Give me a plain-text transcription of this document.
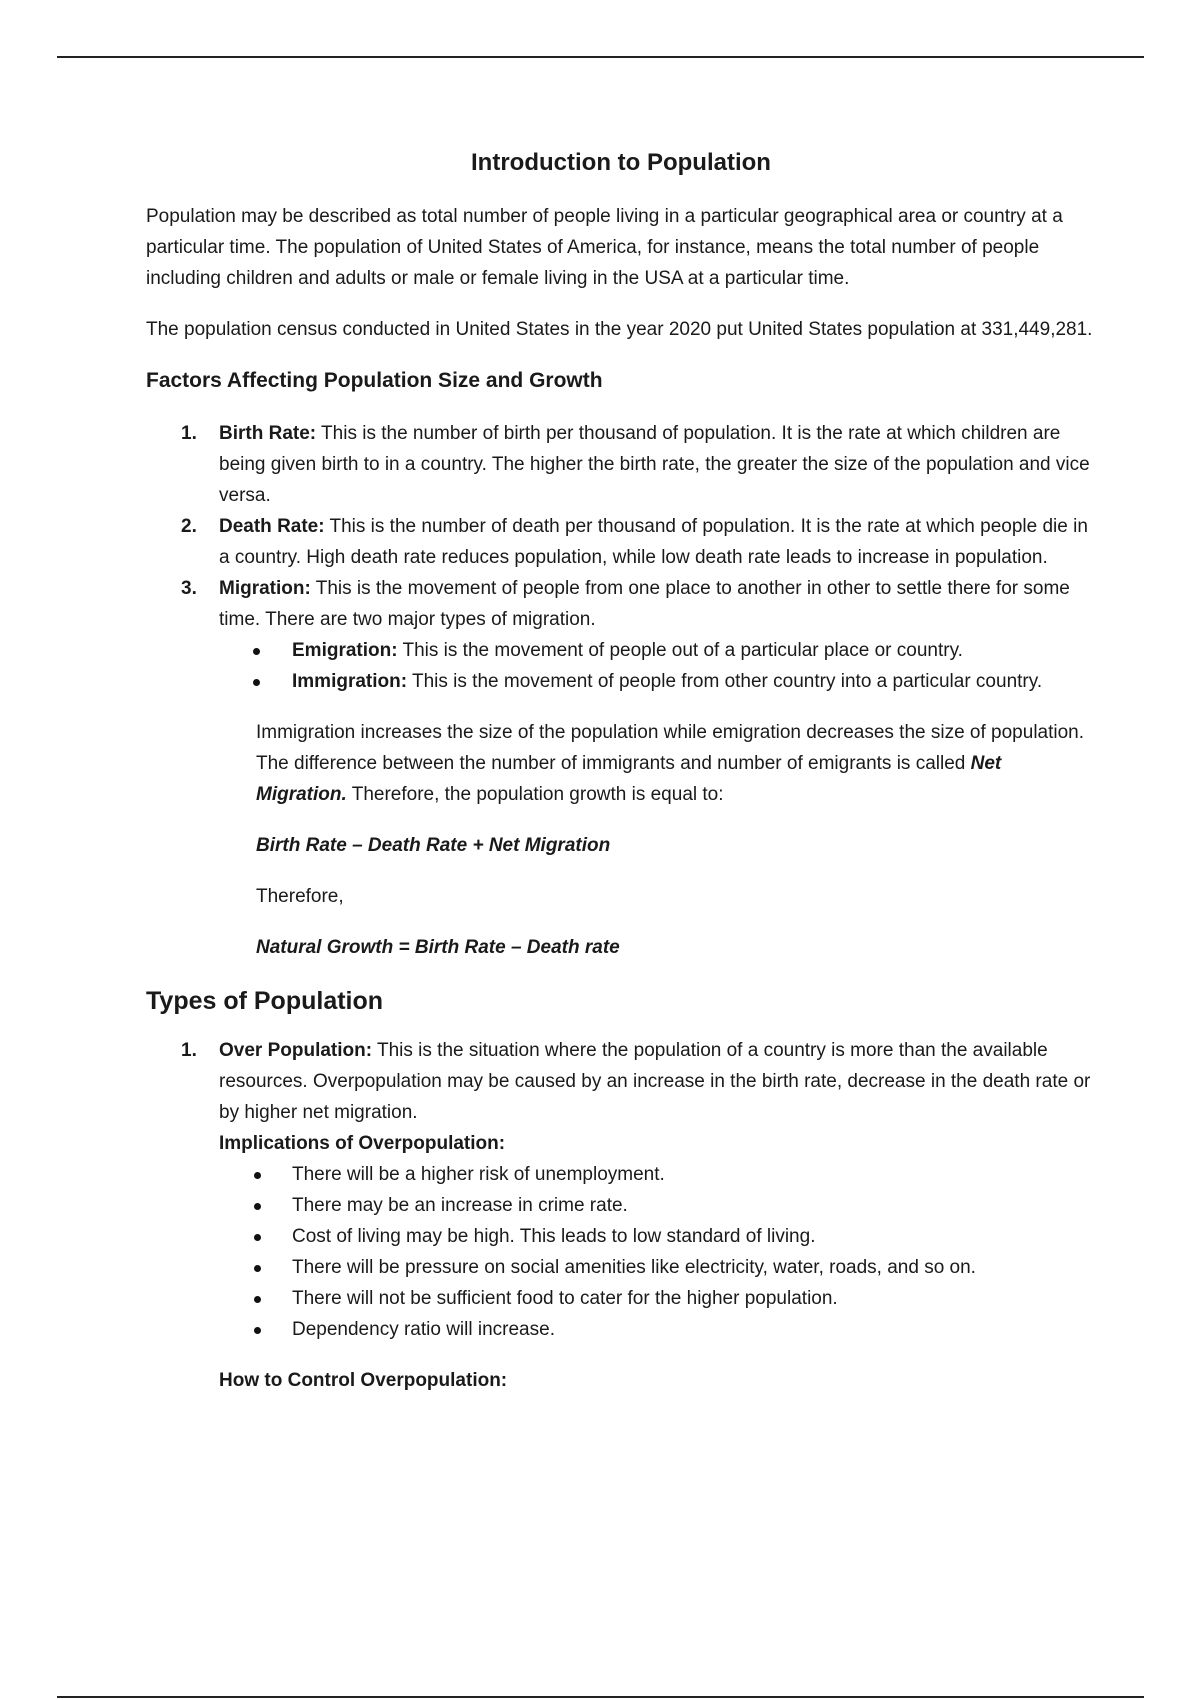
Introduction to Population

Population may be described as total number of people living in a particular geographical area or country at a particular time. The population of United States of America, for instance, means the total number of people including children and adults or male or female living in the USA at a particular time.

The population census conducted in United States in the year 2020 put United States population at 331,449,281.

Factors Affecting Population Size and Growth
1. Birth Rate: This is the number of birth per thousand of population. It is the rate at which children are being given birth to in a country. The higher the birth rate, the greater the size of the population and vice versa.
2. Death Rate: This is the number of death per thousand of population. It is the rate at which people die in a country. High death rate reduces population, while low death rate leads to increase in population.
3. Migration: This is the movement of people from one place to another in other to settle there for some time. There are two major types of migration.
Emigration: This is the movement of people out of a particular place or country.
Immigration: This is the movement of people from other country into a particular country.

Immigration increases the size of the population while emigration decreases the size of population. The difference between the number of immigrants and number of emigrants is called Net Migration. Therefore, the population growth is equal to:

Birth Rate – Death Rate + Net Migration

Therefore,

Natural Growth = Birth Rate – Death rate

Types of Population
1. Over Population: This is the situation where the population of a country is more than the available resources. Overpopulation may be caused by an increase in the birth rate, decrease in the death rate or by higher net migration.
Implications of Overpopulation:
There will be a higher risk of unemployment.
There may be an increase in crime rate.
Cost of living may be high. This leads to low standard of living.
There will be pressure on social amenities like electricity, water, roads, and so on.
There will not be sufficient food to cater for the higher population.
Dependency ratio will increase.
How to Control Overpopulation:
